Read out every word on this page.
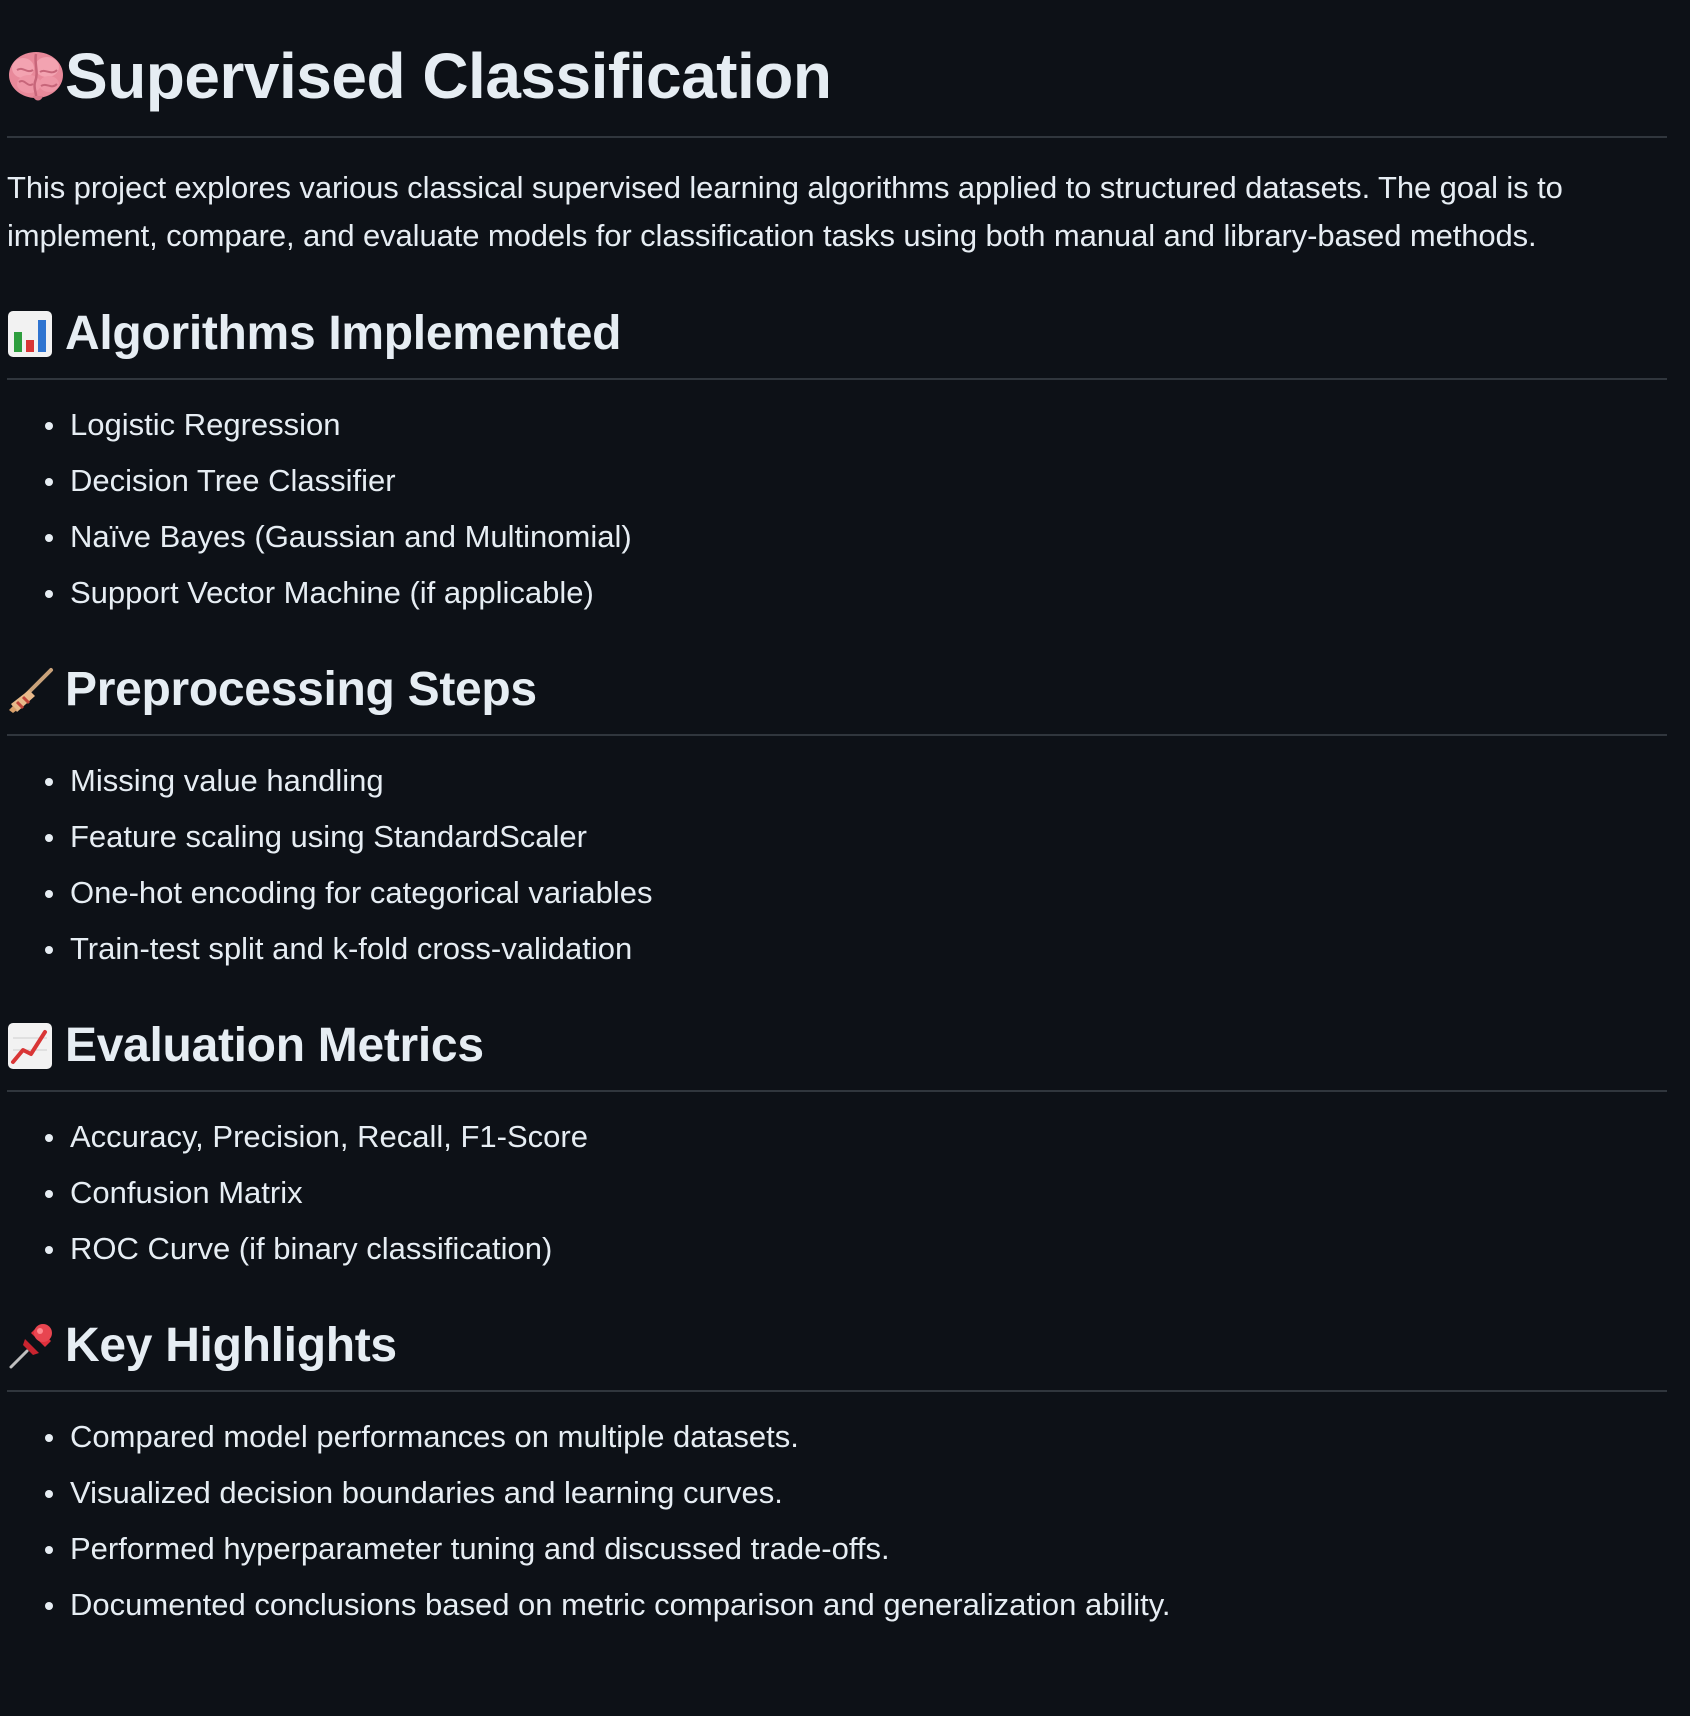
Supervised Classification

This project explores various classical supervised learning algorithms applied to structured datasets. The goal is to implement, compare, and evaluate models for classification tasks using both manual and library-based methods.

Algorithms Implemented
Logistic Regression
Decision Tree Classifier
Naïve Bayes (Gaussian and Multinomial)
Support Vector Machine (if applicable)
Preprocessing Steps
Missing value handling
Feature scaling using StandardScaler
One-hot encoding for categorical variables
Train-test split and k-fold cross-validation
Evaluation Metrics
Accuracy, Precision, Recall, F1-Score
Confusion Matrix
ROC Curve (if binary classification)
Key Highlights
Compared model performances on multiple datasets.
Visualized decision boundaries and learning curves.
Performed hyperparameter tuning and discussed trade-offs.
Documented conclusions based on metric comparison and generalization ability.
